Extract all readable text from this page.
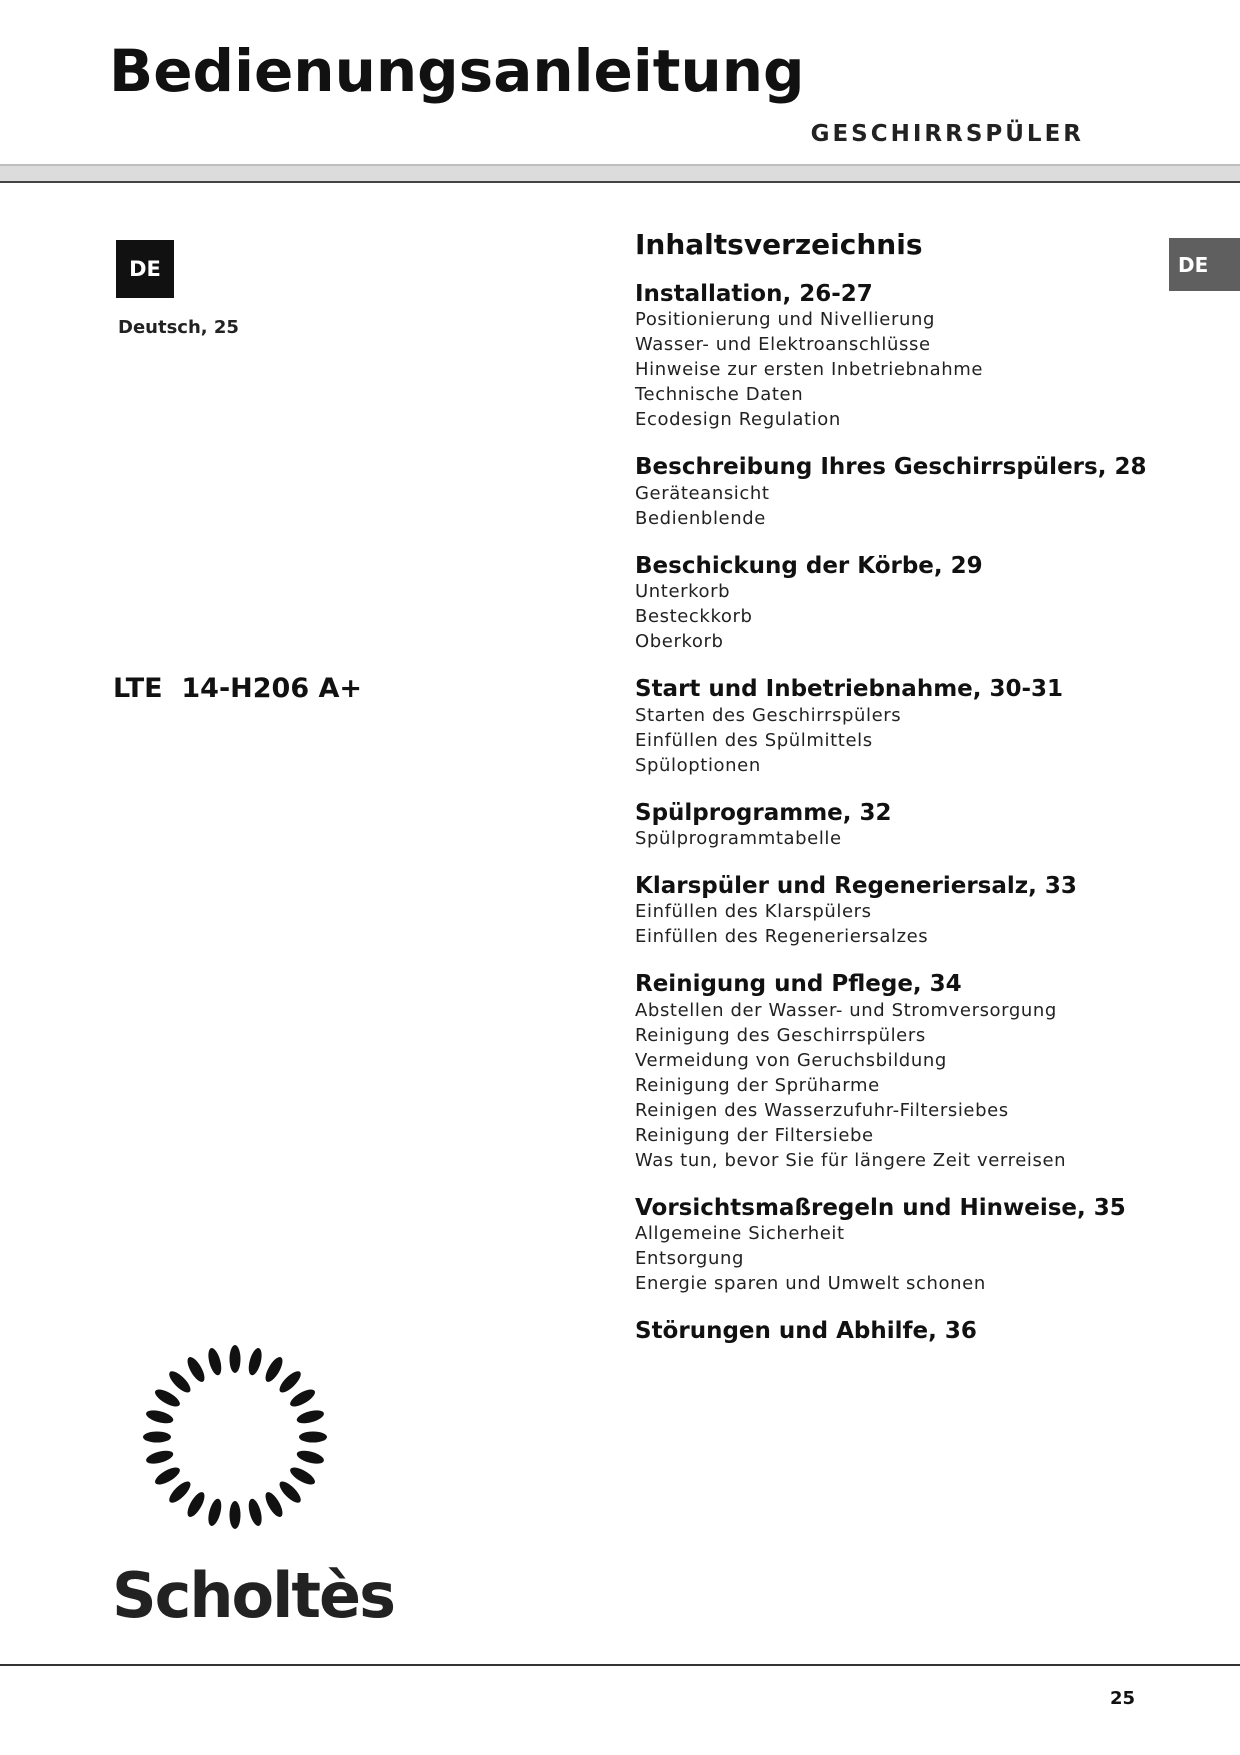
Bedienungsanleitung
GESCHIRRSPÜLER
DE
Deutsch, 25
LTE  14-H206 A+
DE
Inhaltsverzeichnis
Installation, 26-27
Positionierung und Nivellierung
Wasser- und Elektroanschlüsse
Hinweise zur ersten Inbetriebnahme
Technische Daten
Ecodesign Regulation
Beschreibung Ihres Geschirrspülers, 28
Geräteansicht
Bedienblende
Beschickung der Körbe, 29
Unterkorb
Besteckkorb
Oberkorb
Start und Inbetriebnahme, 30-31
Starten des Geschirrspülers
Einfüllen des Spülmittels
Spüloptionen
Spülprogramme, 32
Spülprogrammtabelle
Klarspüler und Regeneriersalz, 33
Einfüllen des Klarspülers
Einfüllen des Regeneriersalzes
Reinigung und Pflege, 34
Abstellen der Wasser- und Stromversorgung
Reinigung des Geschirrspülers
Vermeidung von Geruchsbildung
Reinigung der Sprüharme
Reinigen des Wasserzufuhr-Filtersiebes
Reinigung der Filtersiebe
Was tun, bevor Sie für längere Zeit verreisen
Vorsichtsmaßregeln und Hinweise, 35
Allgemeine Sicherheit
Entsorgung
Energie sparen und Umwelt schonen
Störungen und Abhilfe, 36
Scholtès
25
